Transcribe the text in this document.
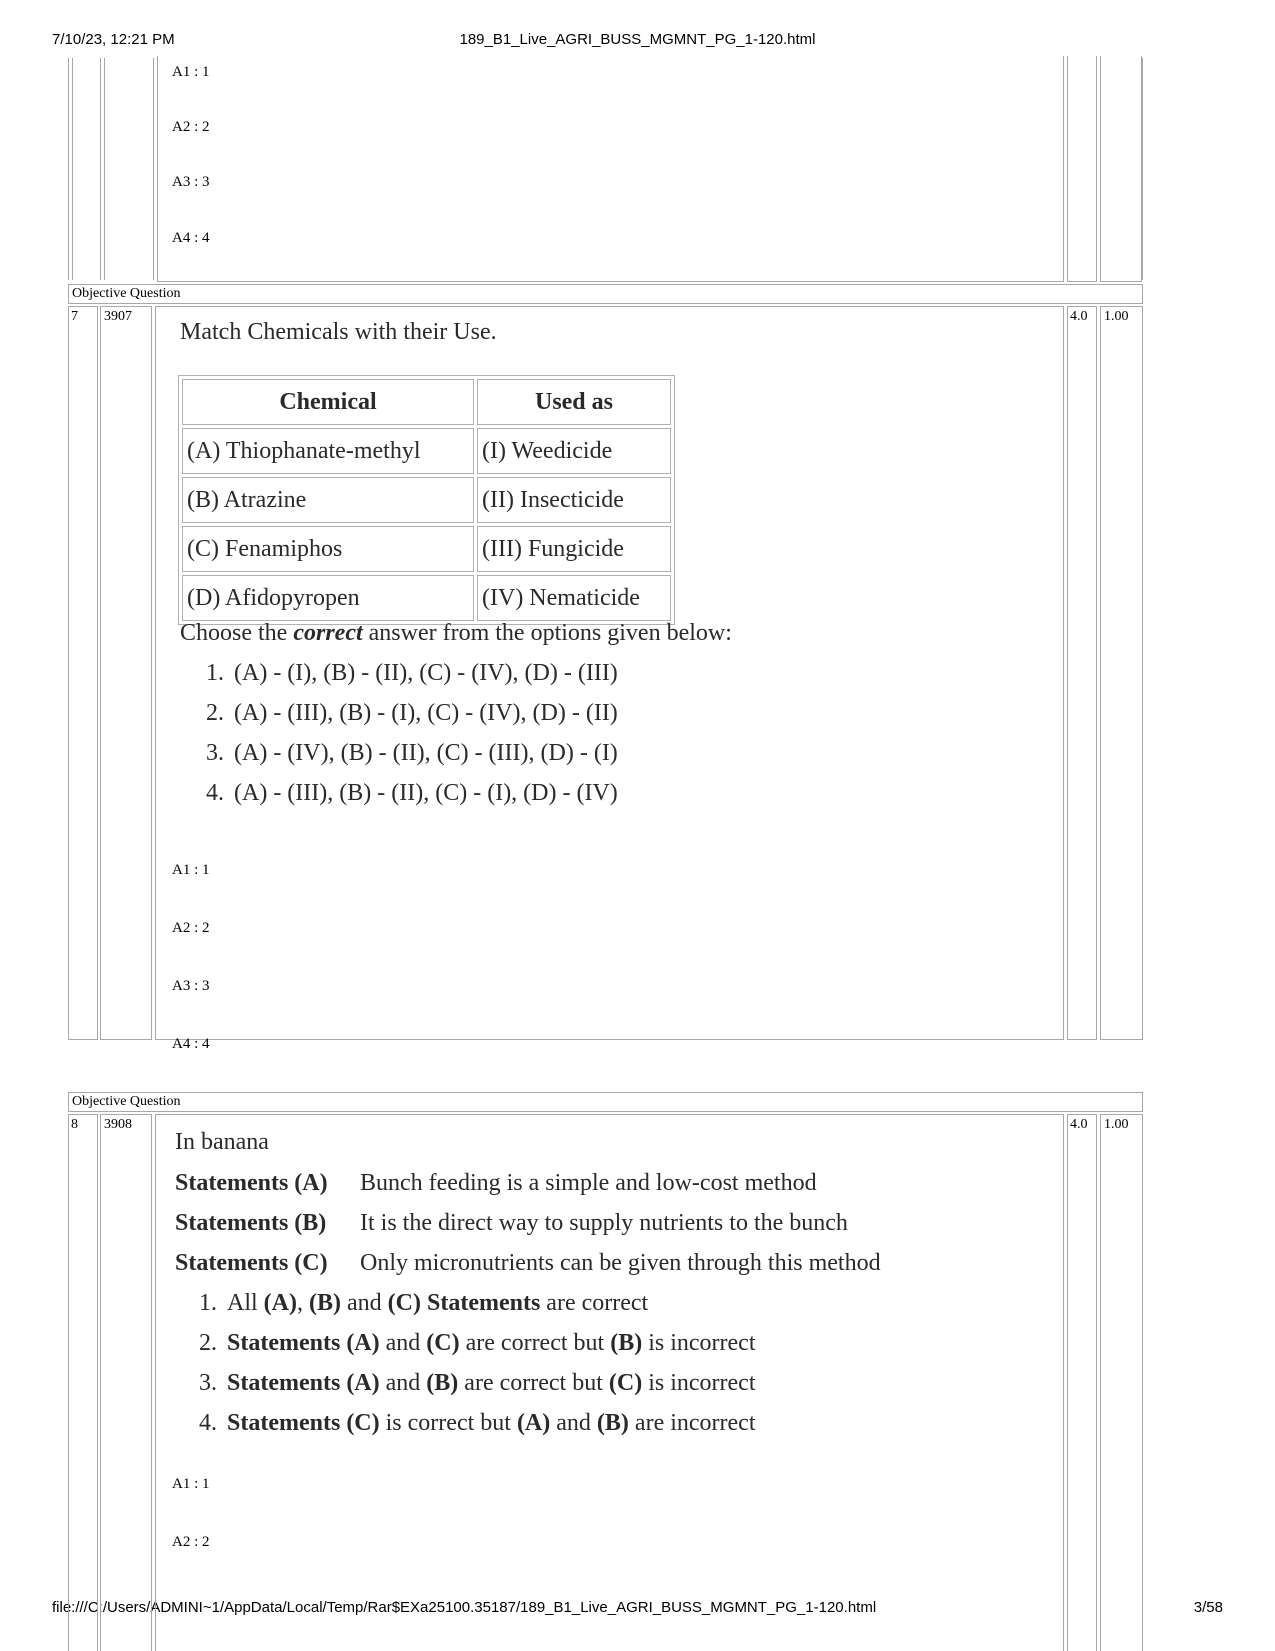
7/10/23, 12:21 PM	189_B1_Live_AGRI_BUSS_MGMNT_PG_1-120.html
file:///C:/Users/ADMINI~1/AppData/Local/Temp/Rar$EXa25100.35187/189_B1_Live_AGRI_BUSS_MGMNT_PG_1-120.html	3/58
A1 : 1
A2 : 2
A3 : 3
A4 : 4
Objective Question
7 3907	4.0 1.00
Match Chemicals with their Use.
Chemical	Used as
(A) Thiophanate-methyl	(I) Weedicide
(B) Atrazine	(II) Insecticide
(C) Fenamiphos	(III) Fungicide
(D) Afidopyropen	(IV) Nematicide
Choose the correct answer from the options given below:
1. (A) - (I), (B) - (II), (C) - (IV), (D) - (III)
2. (A) - (III), (B) - (I), (C) - (IV), (D) - (II)
3. (A) - (IV), (B) - (II), (C) - (III), (D) - (I)
4. (A) - (III), (B) - (II), (C) - (I), (D) - (IV)
A1 : 1
A2 : 2
A3 : 3
A4 : 4
Objective Question
8 3908	4.0 1.00
In banana
Statements (A) Bunch feeding is a simple and low-cost method
Statements (B) It is the direct way to supply nutrients to the bunch
Statements (C) Only micronutrients can be given through this method
1. All (A), (B) and (C) Statements are correct
2. Statements (A) and (C) are correct but (B) is incorrect
3. Statements (A) and (B) are correct but (C) is incorrect
4. Statements (C) is correct but (A) and (B) are incorrect
A1 : 1
A2 : 2
